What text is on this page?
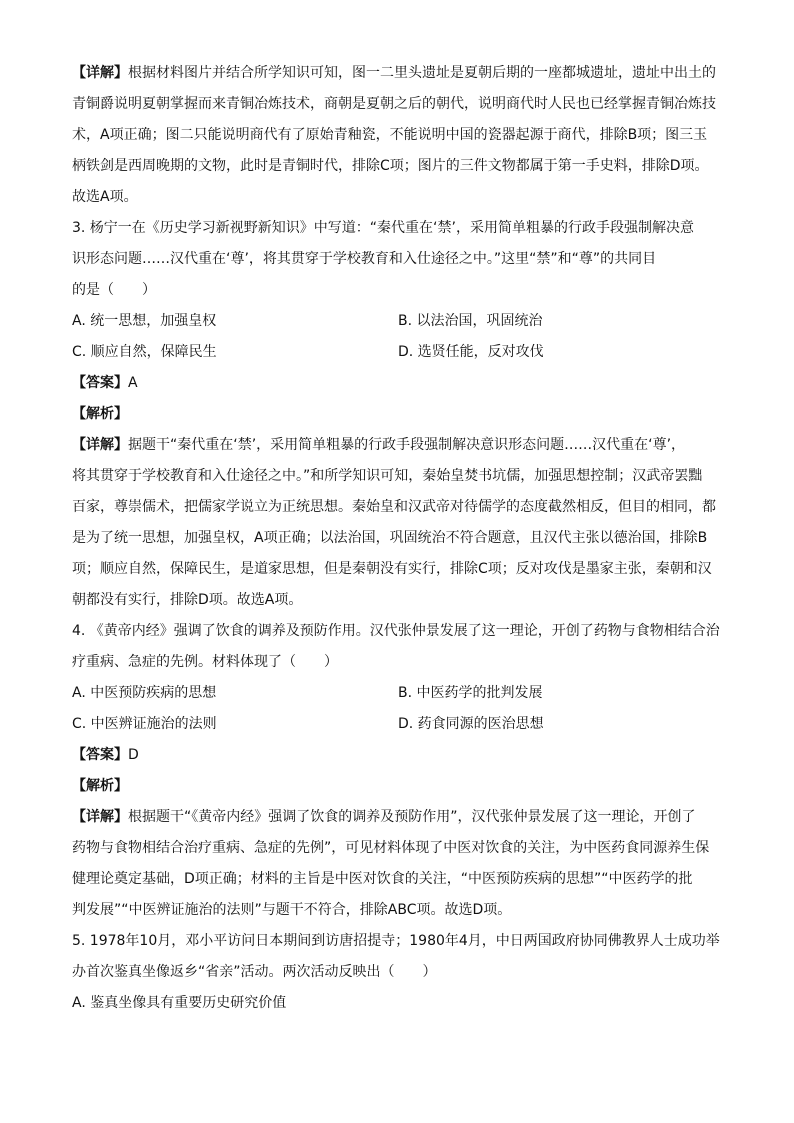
【详解】根据材料图片并结合所学知识可知，图一二里头遗址是夏朝后期的一座都城遗址，遗址中出土的
青铜爵说明夏朝掌握而来青铜冶炼技术，商朝是夏朝之后的朝代，说明商代时人民也已经掌握青铜冶炼技
术，A项正确；图二只能说明商代有了原始青釉瓷，不能说明中国的瓷器起源于商代，排除B项；图三玉
柄铁剑是西周晚期的文物，此时是青铜时代，排除C项；图片的三件文物都属于第一手史料，排除D项。
故选A项。
3. 杨宁一在《历史学习新视野新知识》中写道：“秦代重在‘禁’，采用简单粗暴的行政手段强制解决意
识形态问题……汉代重在‘尊’，将其贯穿于学校教育和入仕途径之中。”这里“禁”和“尊”的共同目
的是（　　）
A. 统一思想，加强皇权	B. 以法治国，巩固统治
C. 顺应自然，保障民生	D. 选贤任能，反对攻伐
【答案】A
【解析】
【详解】据题干“秦代重在‘禁’，采用简单粗暴的行政手段强制解决意识形态问题……汉代重在‘尊’，
将其贯穿于学校教育和入仕途径之中。”和所学知识可知，秦始皇焚书坑儒，加强思想控制；汉武帝罢黜
百家，尊崇儒术，把儒家学说立为正统思想。秦始皇和汉武帝对待儒学的态度截然相反，但目的相同，都
是为了统一思想，加强皇权，A项正确；以法治国，巩固统治不符合题意，且汉代主张以德治国，排除B
项；顺应自然，保障民生，是道家思想，但是秦朝没有实行，排除C项；反对攻伐是墨家主张，秦朝和汉
朝都没有实行，排除D项。故选A项。
4. 《黄帝内经》强调了饮食的调养及预防作用。汉代张仲景发展了这一理论，开创了药物与食物相结合治
疗重病、急症的先例。材料体现了（　　）
A. 中医预防疾病的思想	B. 中医药学的批判发展
C. 中医辨证施治的法则	D. 药食同源的医治思想
【答案】D
【解析】
【详解】根据题干“《黄帝内经》强调了饮食的调养及预防作用”，汉代张仲景发展了这一理论，开创了
药物与食物相结合治疗重病、急症的先例”，可见材料体现了中医对饮食的关注，为中医药食同源养生保
健理论奠定基础，D项正确；材料的主旨是中医对饮食的关注，“中医预防疾病的思想”“中医药学的批
判发展”“中医辨证施治的法则”与题干不符合，排除ABC项。故选D项。
5. 1978年10月，邓小平访问日本期间到访唐招提寺；1980年4月，中日两国政府协同佛教界人士成功举
办首次鉴真坐像返乡“省亲”活动。两次活动反映出（　　）
A. 鉴真坐像具有重要历史研究价值
